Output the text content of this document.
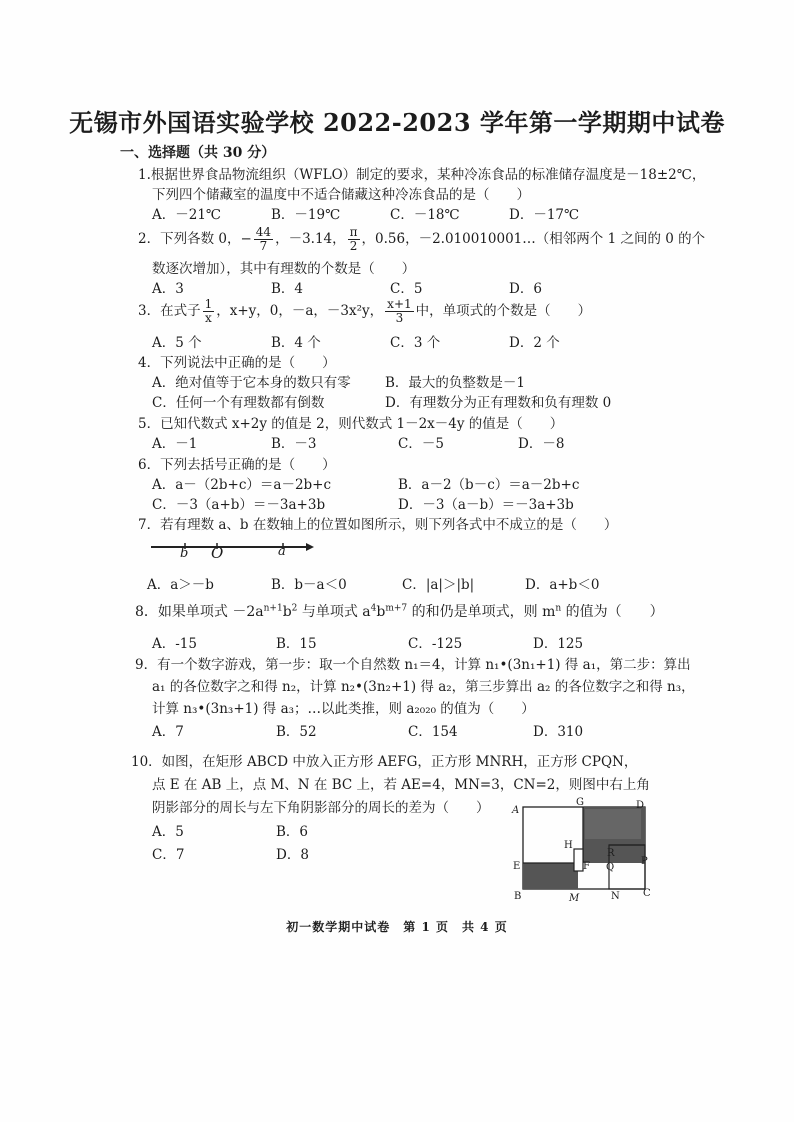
无锡市外国语实验学校 2022-2023 学年第一学期期中试卷
一、选择题（共 30 分）
1.根据世界食品物流组织（WFLO）制定的要求，某种冷冻食品的标准储存温度是－18±2℃，
下列四个储藏室的温度中不适合储藏这种冷冻食品的是（　　）
A．－21℃	B．－19℃	C．－18℃	D．－17℃
2．下列各数 0，− $\frac{44}{7}$ ，－3.14， $\frac{\pi}{2}$ ，0.5̇6̇，－2.010010001…（相邻两个 1 之间的 0 的个
数逐次增加），其中有理数的个数是（　　）
A．3	B．4	C．5	D．6
3．在式子 $\frac{1}{x}$ ，x+y，0，－a，－3x²y， $\frac{x+1}{3}$ 中，单项式的个数是（　　）
A．5 个	B．4 个	C．3 个	D．2 个
4．下列说法中正确的是（　　）
A．绝对值等于它本身的数只有零	B．最大的负整数是－1
C．任何一个有理数都有倒数	D．有理数分为正有理数和负有理数 0
5．已知代数式 x+2y 的值是 2，则代数式 1－2x－4y 的值是（　　）
A．－1	B．－3	C．－5	D．－8
6．下列去括号正确的是（　　）
A．a－（2b+c）＝a－2b+c	B．a－2（b－c）＝a－2b+c
C．－3（a+b）＝－3a+3b	D．－3（a－b）＝－3a+3b
7．若有理数 a、b 在数轴上的位置如图所示，则下列各式中不成立的是（　　）
b O	a
A．a＞－b	B．b－a＜0	C．|a|＞|b|	D．a+b＜0
8．如果单项式 $-2a^{n+1}b^2$ 与单项式 $a^4b^{m+7}$ 的和仍是单项式，则 $m^n$ 的值为（　　）
A．-15	B．15	C．-125	D．125
9．有一个数字游戏，第一步：取一个自然数 n₁＝4，计算 n₁•(3n₁+1) 得 a₁，第二步：算出
a₁ 的各位数字之和得 n₂，计算 n₂•(3n₂+1) 得 a₂，第三步算出 a₂ 的各位数字之和得 n₃，
计算 n₃•(3n₃+1) 得 a₃；…以此类推，则 a₂₀₂₀ 的值为（　　）
A．7	B．52	C．154	D．310
10．如图，在矩形 ABCD 中放入正方形 AEFG，正方形 MNRH，正方形 CPQN，
点 E 在 AB 上，点 M、N 在 BC 上，若 AE=4，MN=3，CN=2，则图中右上角
阴影部分的周长与左下角阴影部分的周长的差为（　　）
A．5	B．6
C．7	D．8
A
G	D
H
R
E	F	P
Q
B	M	N C
初一数学期中试卷　第 1 页　共 4 页
